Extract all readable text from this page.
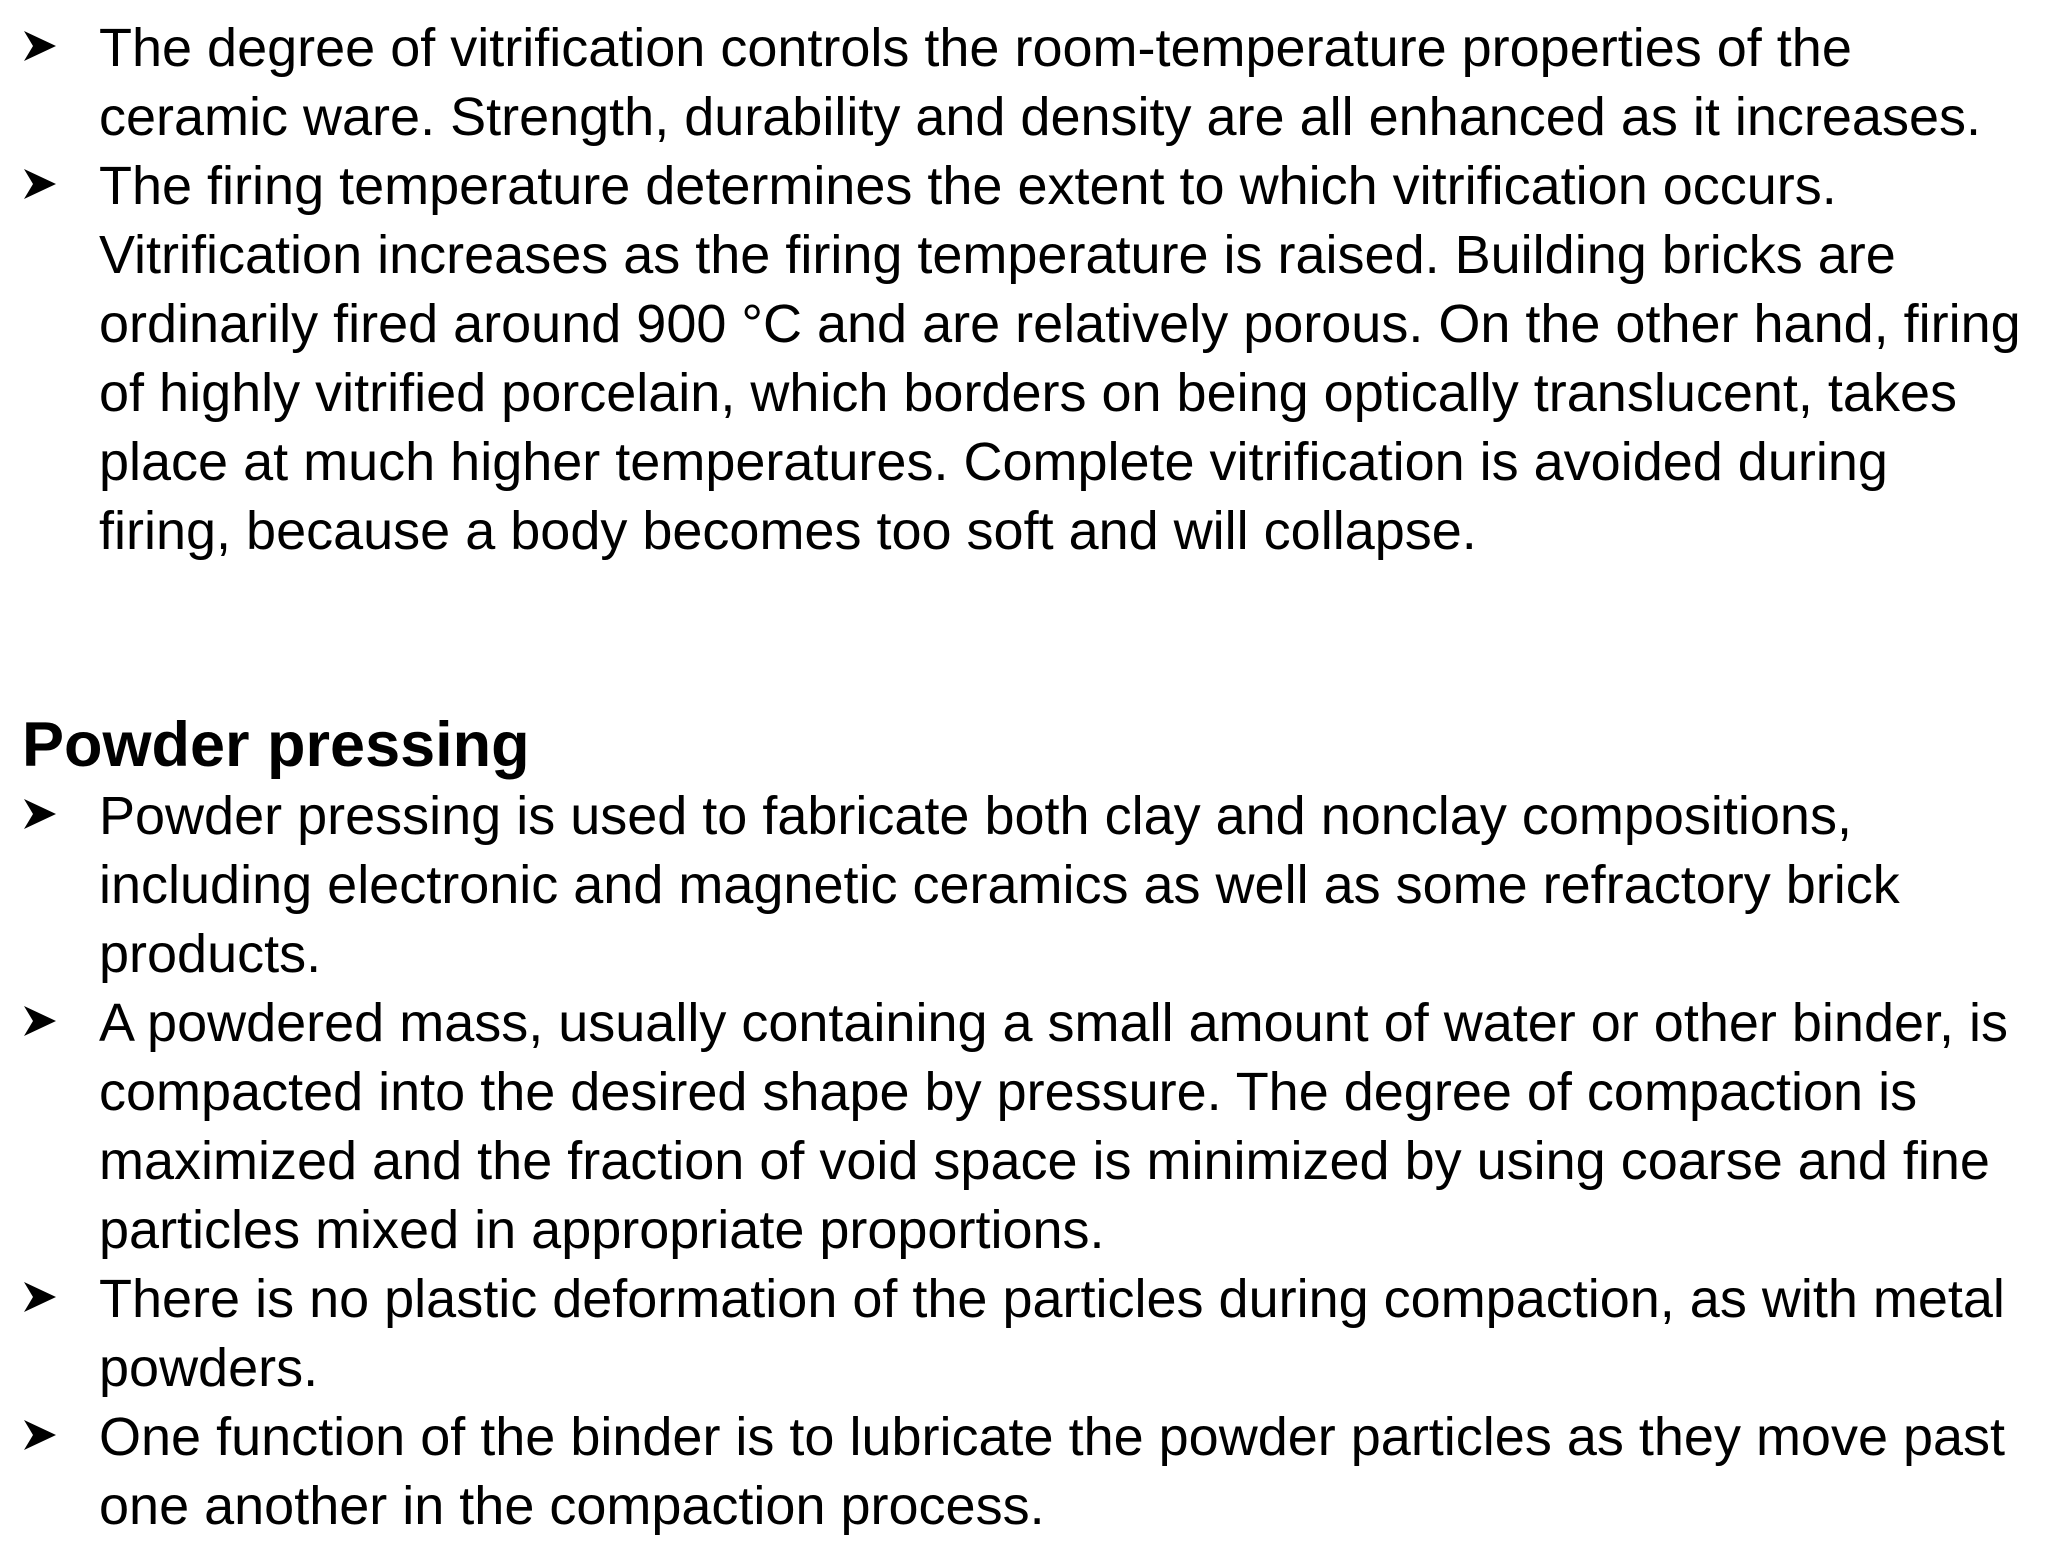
The degree of vitrification controls the room-temperature properties of the ceramic ware. Strength, durability and density are all enhanced as it increases.
The firing temperature determines the extent to which vitrification occurs. Vitrification increases as the firing temperature is raised. Building bricks are ordinarily fired around 900 °C and are relatively porous. On the other hand, firing of highly vitrified porcelain, which borders on being optically translucent, takes place at much higher temperatures. Complete vitrification is avoided during firing, because a body becomes too soft and will collapse.
Powder pressing
Powder pressing is used to fabricate both clay and nonclay compositions, including electronic and magnetic ceramics as well as some refractory brick products.
A powdered mass, usually containing a small amount of water or other binder, is compacted into the desired shape by pressure. The degree of compaction is maximized and the fraction of void space is minimized by using coarse and fine particles mixed in appropriate proportions.
There is no plastic deformation of the particles during compaction, as with metal powders.
One function of the binder is to lubricate the powder particles as they move past one another in the compaction process.
